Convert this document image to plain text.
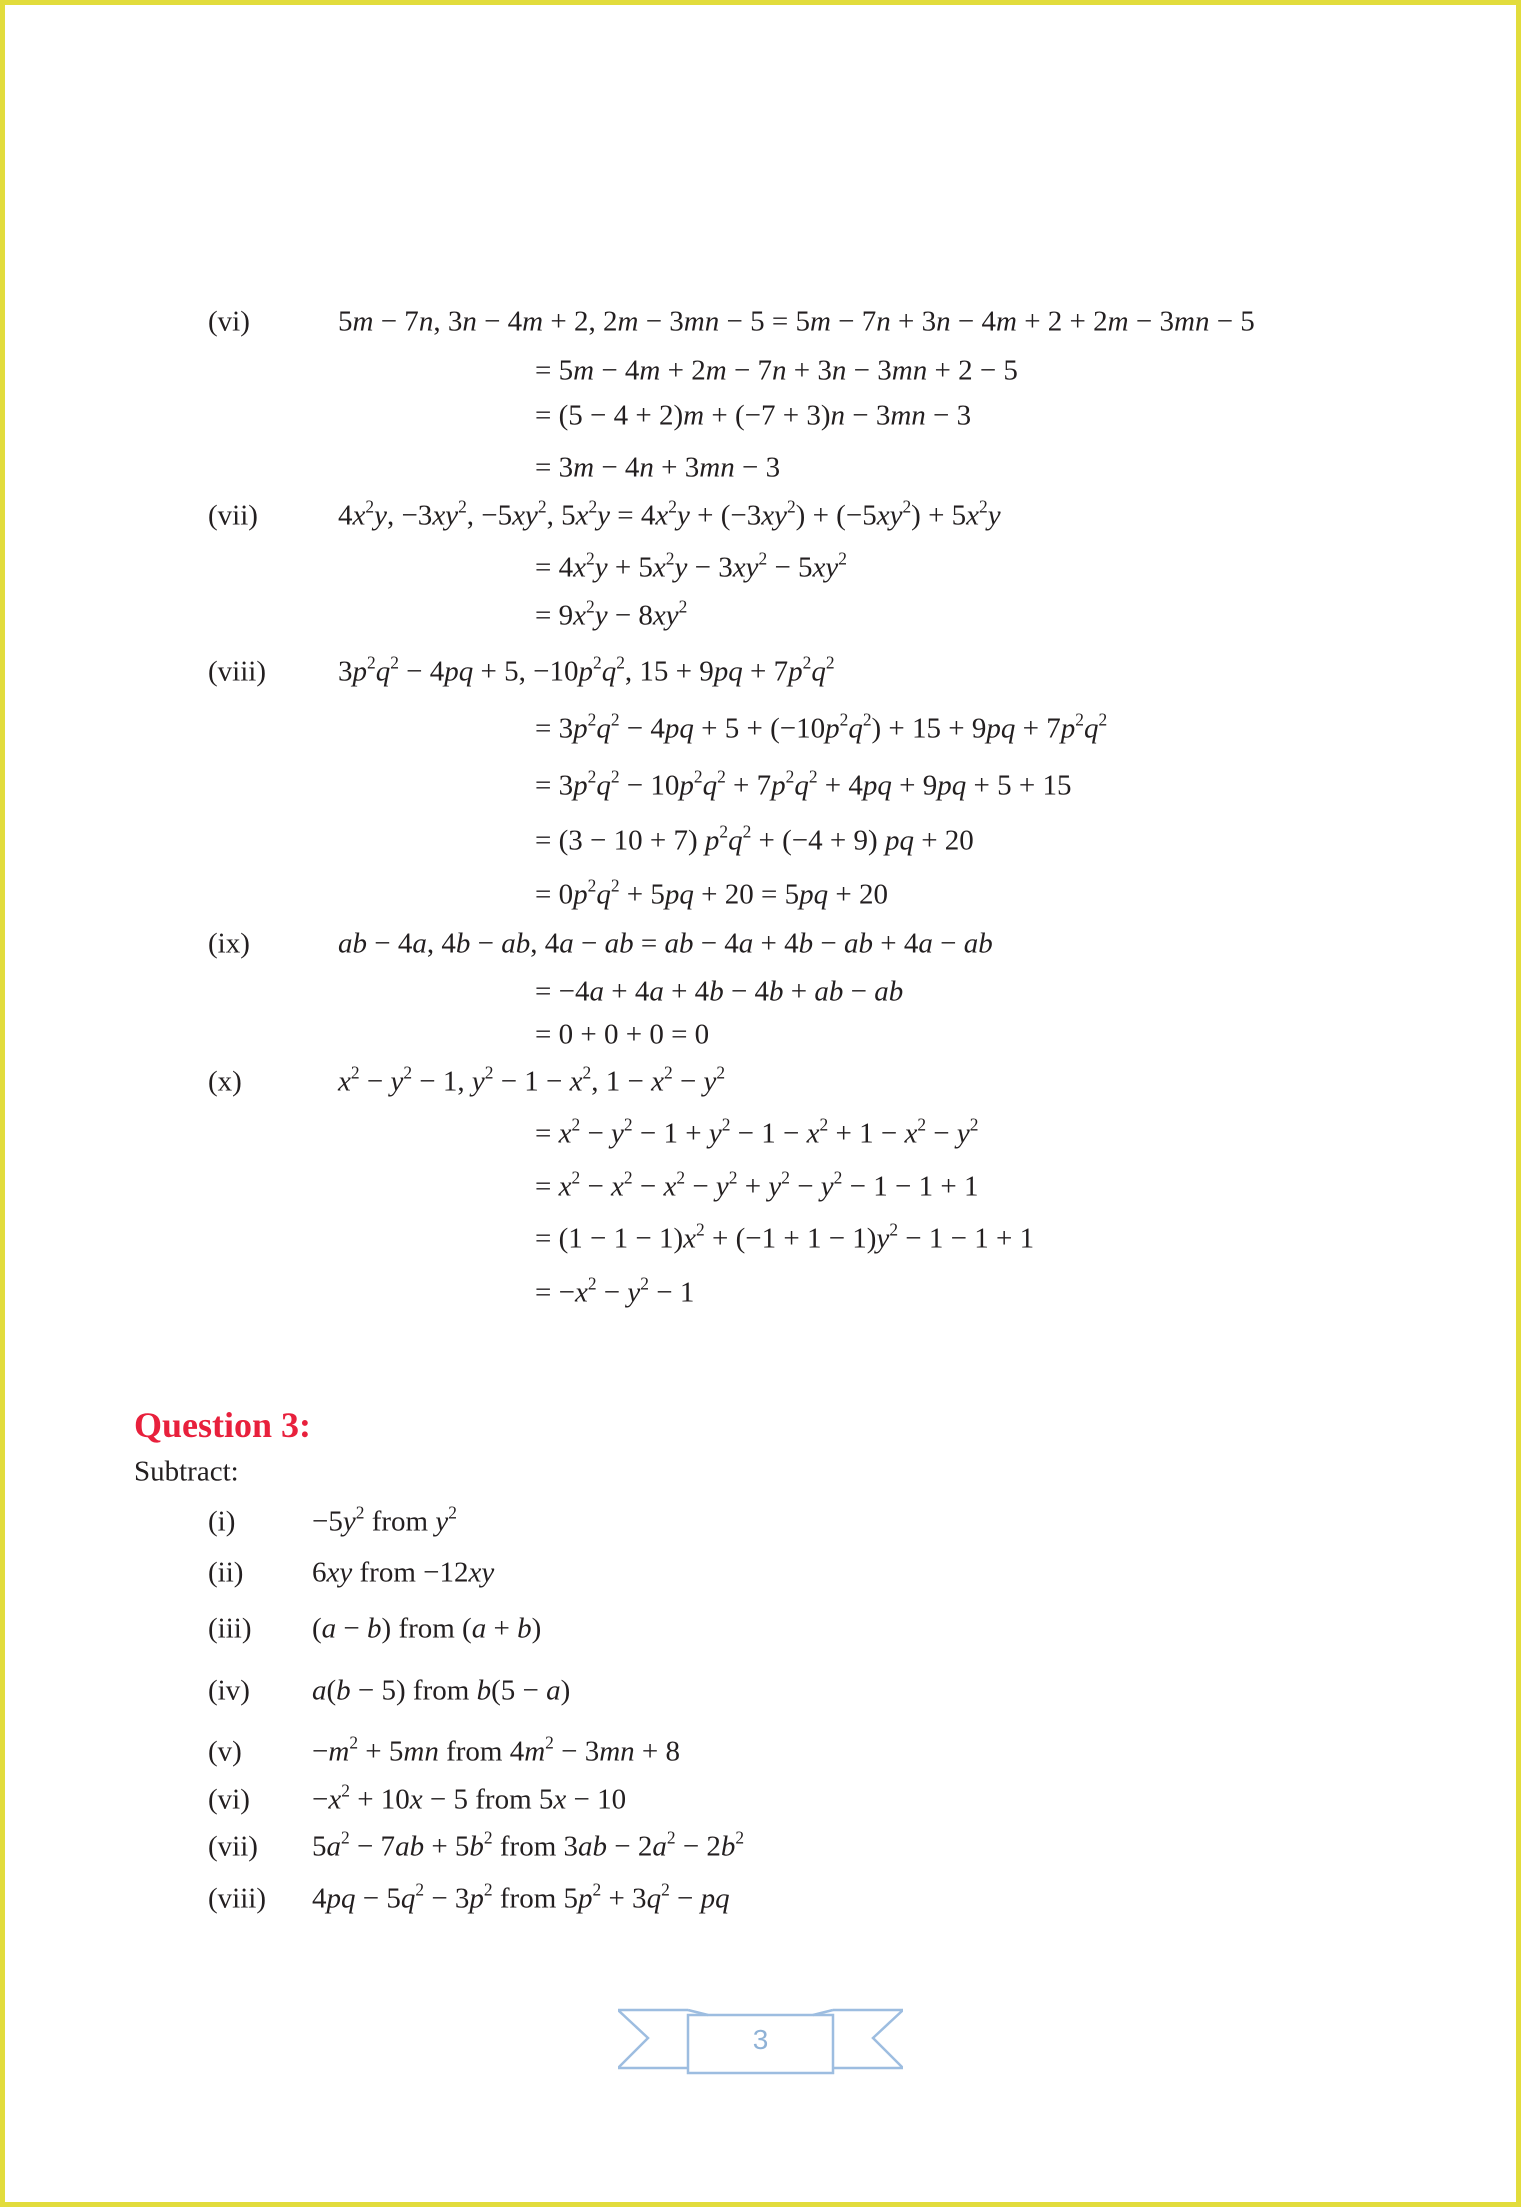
(vi)	5m − 7n, 3n − 4m + 2, 2m − 3mn − 5 = 5m − 7n + 3n − 4m + 2 + 2m − 3mn − 5
= 5m − 4m + 2m − 7n + 3n − 3mn + 2 − 5
= (5 − 4 + 2)m + (−7 + 3)n − 3mn − 3
= 3m − 4n + 3mn − 3
(vii)	$4x^2y$, $-3xy^2$, $-5xy^2$, $5x^2y = 4x^2y + (-3xy^2) + (-5xy^2) + 5x^2y$
= $4x^2y + 5x^2y - 3xy^2 - 5xy^2$
= $9x^2y - 8xy^2$
(viii) $3p^2q^2 - 4pq + 5$, $-10p^2q^2$, $15 + 9pq + 7p^2q^2$
= $3p^2q^2 - 4pq + 5 + (-10p^2q^2) + 15 + 9pq + 7p^2q^2$
= $3p^2q^2 - 10p^2q^2 + 7p^2q^2 + 4pq + 9pq + 5 + 15$
= (3 − 10 + 7) $p^2q^2 + (-4 + 9)$ pq + 20
= $0p^2q^2 + 5pq + 20 = 5pq + 20$
(ix)	ab − 4a, 4b − ab, 4a − ab = ab − 4a + 4b − ab + 4a − ab
= −4a + 4a + 4b − 4b + ab − ab
= 0 + 0 + 0 = 0
(x)	$x^2 - y^2 - 1$, $y^2 - 1 - x^2$, $1 - x^2 - y^2$
= $x^2 - y^2 - 1 + y^2 - 1 - x^2 + 1 - x^2 - y^2$
= $x^2 - x^2 - x^2 - y^2 + y^2 - y^2 - 1 - 1 + 1$
= $(1 - 1 - 1)x^2 + (-1 + 1 - 1)y^2 - 1 - 1 + 1$
= $-x^2 - y^2 - 1$
Question 3:
Subtract:
(i)	$-5y^2$ from $y^2$
(ii) 6xy from −12xy
(iii) (a − b) from (a + b)
(iv) a(b − 5) from b(5 − a)
$(v) -m^2 + 5mn$ from $4m^2 - 3mn + 8$
$(vi) -x^2 + 10x - 5$ from 5x − 10
(vii) $5a^2 - 7ab + 5b^2$ from $3ab - 2a^2 - 2b^2$
(viii) $4pq - 5q^2 - 3p^2$ from $5p^2 + 3q^2$ − pq
3
